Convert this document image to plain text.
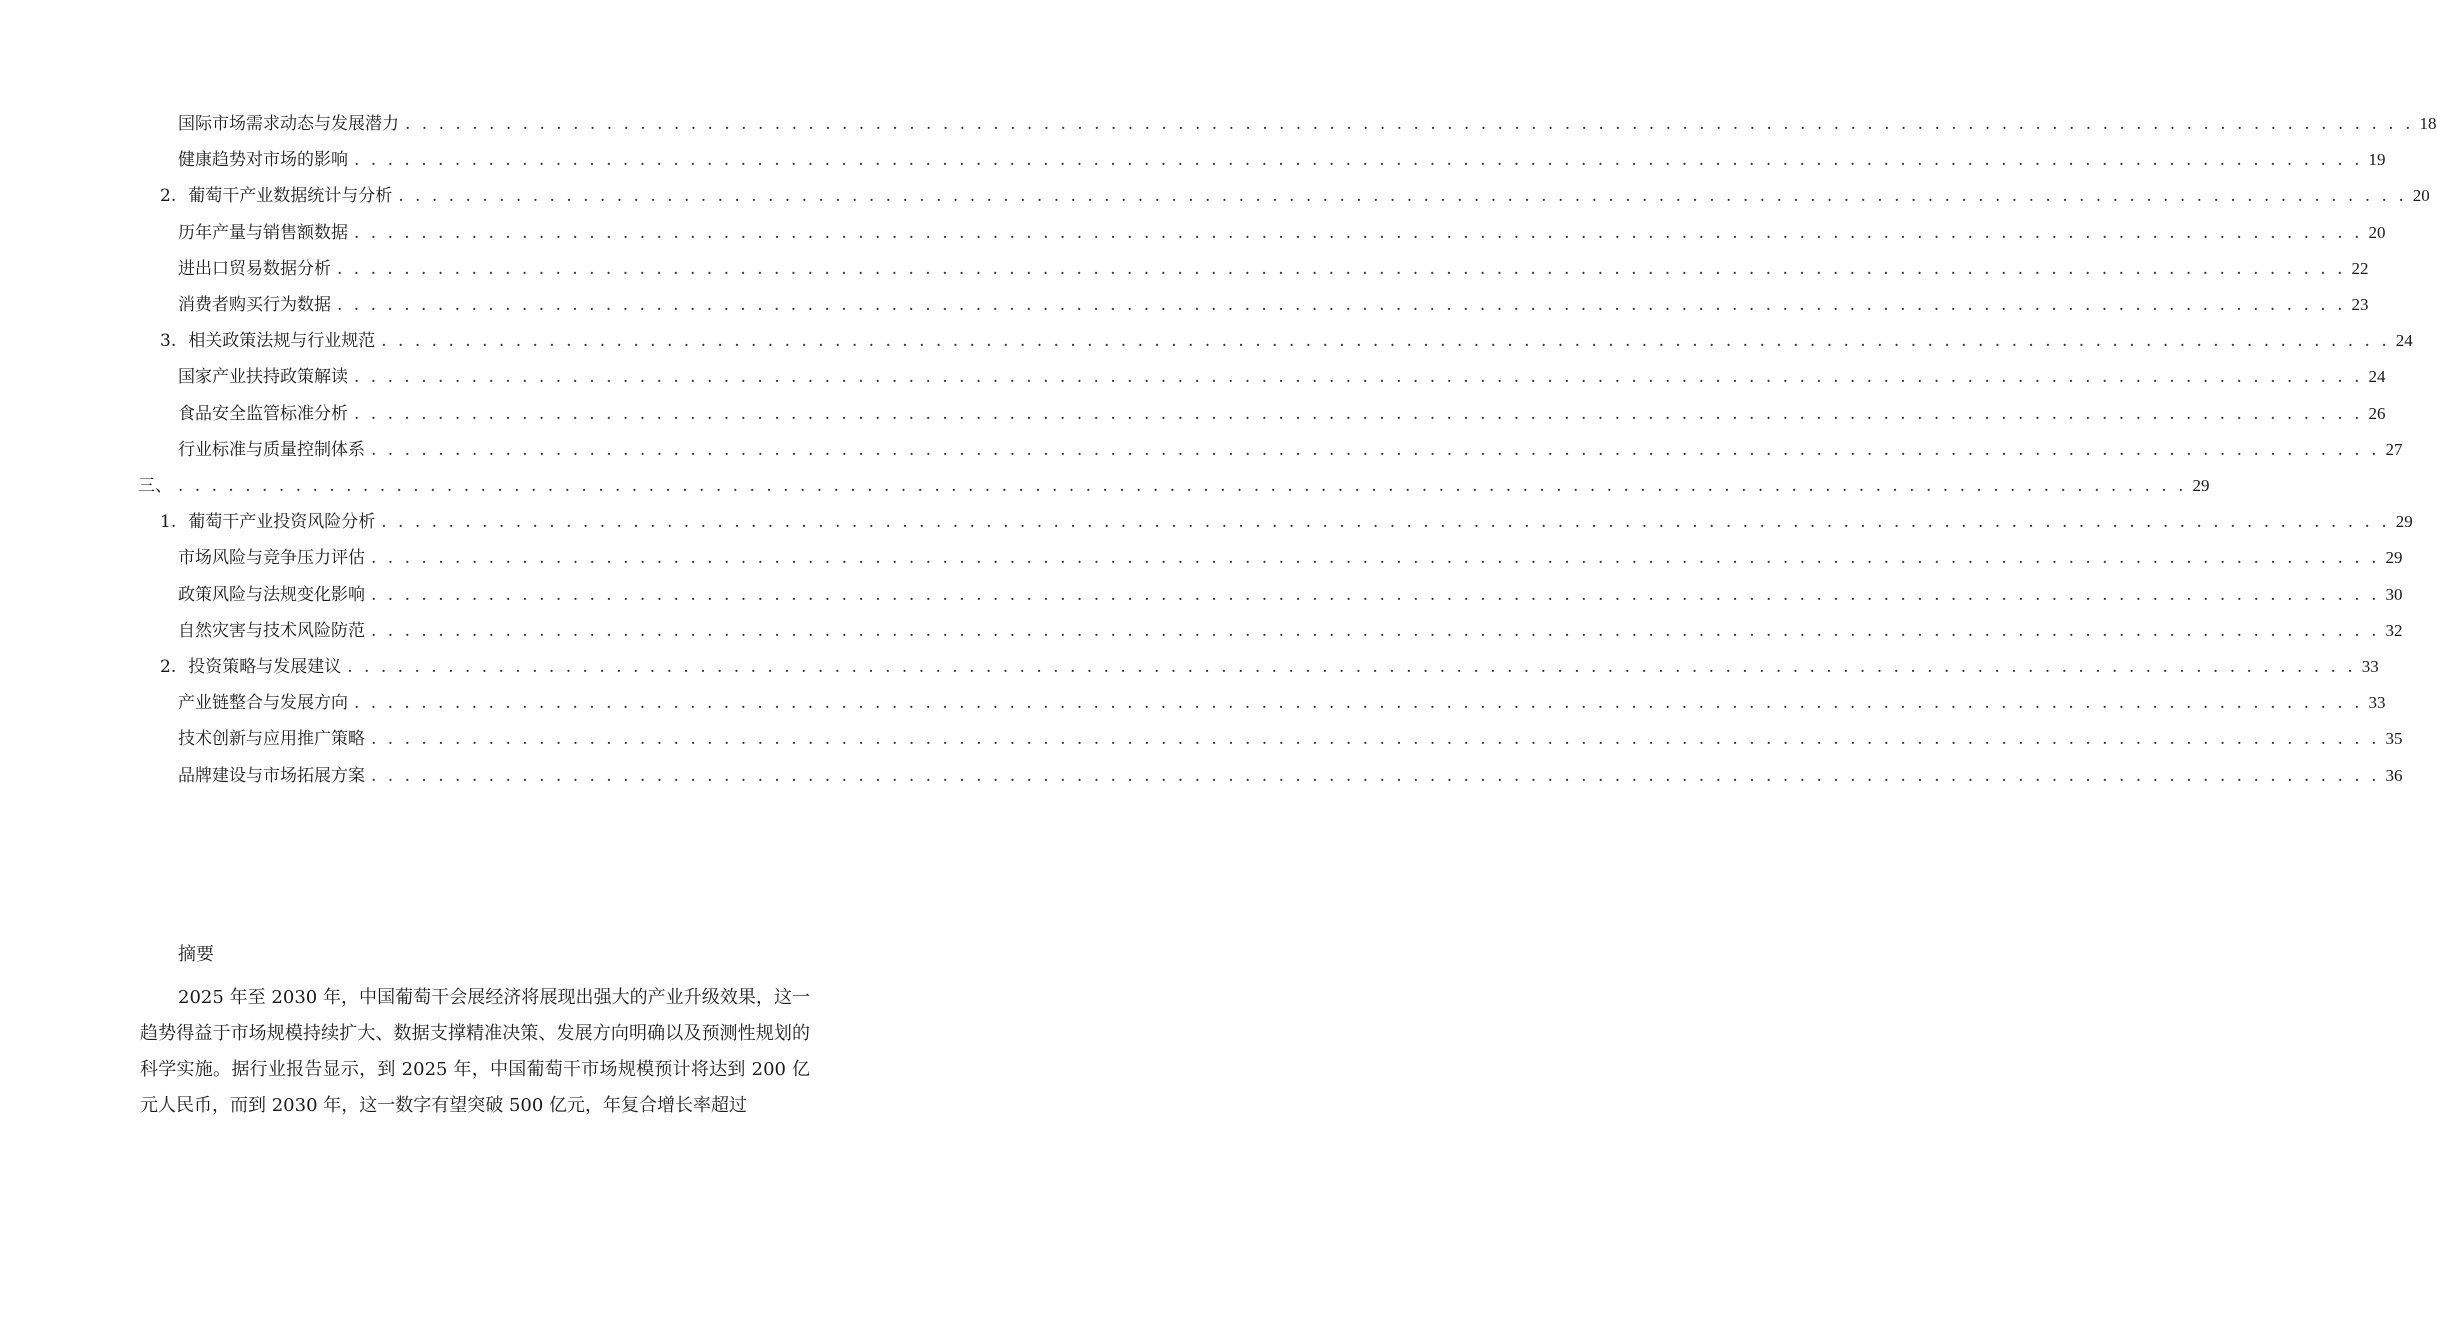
国际市场需求动态与发展潜力 . . . . . . . . . . . . . . . . . . . . . . . . . . . . . . . . . . . . . . . . . . . . . . . . . . . . . . . . . . . . . . . . . . . . . . . . . . . . . . . . . . . . . . . . . . . . . . . . . . . . . . . . . . . . . . . . . . . . . . . . 18
健康趋势对市场的影响 . . . . . . . . . . . . . . . . . . . . . . . . . . . . . . . . . . . . . . . . . . . . . . . . . . . . . . . . . . . . . . . . . . . . . . . . . . . . . . . . . . . . . . . . . . . . . . . . . . . . . . . . . . . . . . . . . . . . . . . . 19
2. 葡萄干产业数据统计与分析 . . . . . . . . . . . . . . . . . . . . . . . . . . . . . . . . . . . . . . . . . . . . . . . . . . . . . . . . . . . . . . . . . . . . . . . . . . . . . . . . . . . . . . . . . . . . . . . . . . . . . . . . . . . . . . . . . . . . . . . . 20
历年产量与销售额数据 . . . . . . . . . . . . . . . . . . . . . . . . . . . . . . . . . . . . . . . . . . . . . . . . . . . . . . . . . . . . . . . . . . . . . . . . . . . . . . . . . . . . . . . . . . . . . . . . . . . . . . . . . . . . . . . . . . . . . . . . 20
进出口贸易数据分析 . . . . . . . . . . . . . . . . . . . . . . . . . . . . . . . . . . . . . . . . . . . . . . . . . . . . . . . . . . . . . . . . . . . . . . . . . . . . . . . . . . . . . . . . . . . . . . . . . . . . . . . . . . . . . . . . . . . . . . . . 22
消费者购买行为数据 . . . . . . . . . . . . . . . . . . . . . . . . . . . . . . . . . . . . . . . . . . . . . . . . . . . . . . . . . . . . . . . . . . . . . . . . . . . . . . . . . . . . . . . . . . . . . . . . . . . . . . . . . . . . . . . . . . . . . . . . 23
3. 相关政策法规与行业规范 . . . . . . . . . . . . . . . . . . . . . . . . . . . . . . . . . . . . . . . . . . . . . . . . . . . . . . . . . . . . . . . . . . . . . . . . . . . . . . . . . . . . . . . . . . . . . . . . . . . . . . . . . . . . . . . . . . . . . . . . 24
国家产业扶持政策解读 . . . . . . . . . . . . . . . . . . . . . . . . . . . . . . . . . . . . . . . . . . . . . . . . . . . . . . . . . . . . . . . . . . . . . . . . . . . . . . . . . . . . . . . . . . . . . . . . . . . . . . . . . . . . . . . . . . . . . . . . 24
食品安全监管标准分析 . . . . . . . . . . . . . . . . . . . . . . . . . . . . . . . . . . . . . . . . . . . . . . . . . . . . . . . . . . . . . . . . . . . . . . . . . . . . . . . . . . . . . . . . . . . . . . . . . . . . . . . . . . . . . . . . . . . . . . . . 26
行业标准与质量控制体系 . . . . . . . . . . . . . . . . . . . . . . . . . . . . . . . . . . . . . . . . . . . . . . . . . . . . . . . . . . . . . . . . . . . . . . . . . . . . . . . . . . . . . . . . . . . . . . . . . . . . . . . . . . . . . . . . . . . . . . . . 27
三、 . . . . . . . . . . . . . . . . . . . . . . . . . . . . . . . . . . . . . . . . . . . . . . . . . . . . . . . . . . . . . . . . . . . . . . . . . . . . . . . . . . . . . . . . . . . . . . . . . . . . . . . . . . . . . . . . . . . . . . . . 29
1. 葡萄干产业投资风险分析 . . . . . . . . . . . . . . . . . . . . . . . . . . . . . . . . . . . . . . . . . . . . . . . . . . . . . . . . . . . . . . . . . . . . . . . . . . . . . . . . . . . . . . . . . . . . . . . . . . . . . . . . . . . . . . . . . . . . . . . . 29
市场风险与竞争压力评估 . . . . . . . . . . . . . . . . . . . . . . . . . . . . . . . . . . . . . . . . . . . . . . . . . . . . . . . . . . . . . . . . . . . . . . . . . . . . . . . . . . . . . . . . . . . . . . . . . . . . . . . . . . . . . . . . . . . . . . . . 29
政策风险与法规变化影响 . . . . . . . . . . . . . . . . . . . . . . . . . . . . . . . . . . . . . . . . . . . . . . . . . . . . . . . . . . . . . . . . . . . . . . . . . . . . . . . . . . . . . . . . . . . . . . . . . . . . . . . . . . . . . . . . . . . . . . . . 30
自然灾害与技术风险防范 . . . . . . . . . . . . . . . . . . . . . . . . . . . . . . . . . . . . . . . . . . . . . . . . . . . . . . . . . . . . . . . . . . . . . . . . . . . . . . . . . . . . . . . . . . . . . . . . . . . . . . . . . . . . . . . . . . . . . . . . 32
2. 投资策略与发展建议 . . . . . . . . . . . . . . . . . . . . . . . . . . . . . . . . . . . . . . . . . . . . . . . . . . . . . . . . . . . . . . . . . . . . . . . . . . . . . . . . . . . . . . . . . . . . . . . . . . . . . . . . . . . . . . . . . . . . . . . . 33
产业链整合与发展方向 . . . . . . . . . . . . . . . . . . . . . . . . . . . . . . . . . . . . . . . . . . . . . . . . . . . . . . . . . . . . . . . . . . . . . . . . . . . . . . . . . . . . . . . . . . . . . . . . . . . . . . . . . . . . . . . . . . . . . . . . 33
技术创新与应用推广策略 . . . . . . . . . . . . . . . . . . . . . . . . . . . . . . . . . . . . . . . . . . . . . . . . . . . . . . . . . . . . . . . . . . . . . . . . . . . . . . . . . . . . . . . . . . . . . . . . . . . . . . . . . . . . . . . . . . . . . . . . 35
品牌建设与市场拓展方案 . . . . . . . . . . . . . . . . . . . . . . . . . . . . . . . . . . . . . . . . . . . . . . . . . . . . . . . . . . . . . . . . . . . . . . . . . . . . . . . . . . . . . . . . . . . . . . . . . . . . . . . . . . . . . . . . . . . . . . . . 36
摘要
2025 年至 2030 年，中国葡萄干会展经济将展现出强大的产业升级效果，这一趋势得益于市场规模持续扩大、数据支撑精准决策、发展方向明确以及预测性规划的科学实施。据行业报告显示，到 2025 年，中国葡萄干市场规模预计将达到 200 亿元人民币，而到 2030 年，这一数字有望突破 500 亿元，年复合增长率超过
